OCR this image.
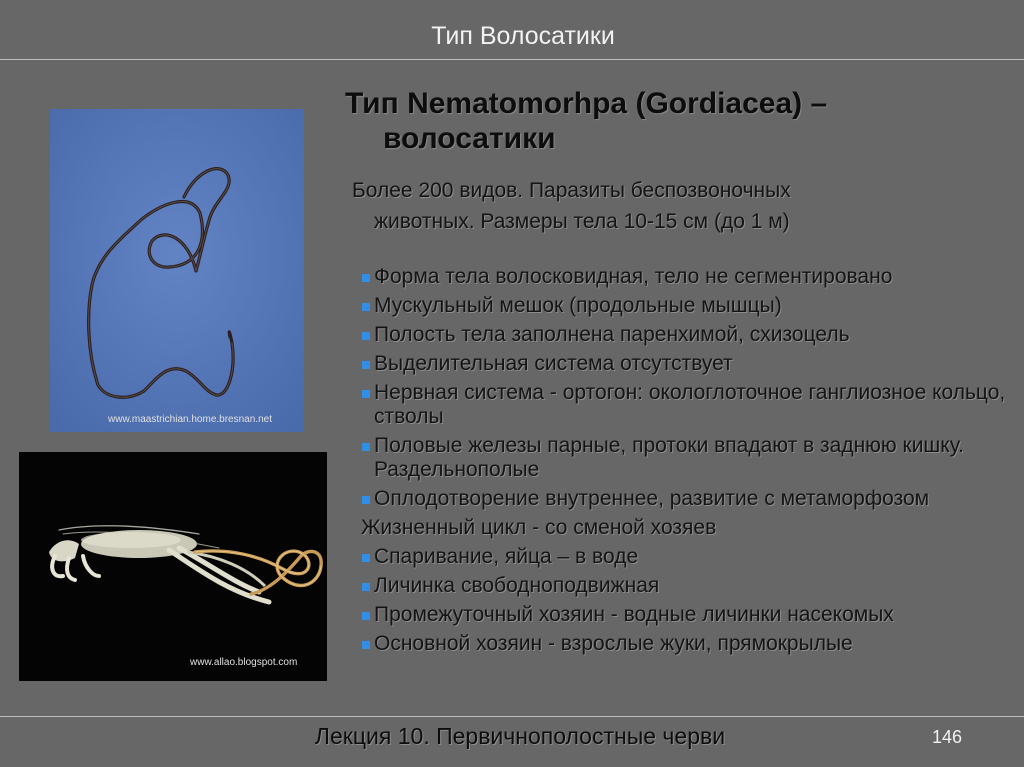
Тип Волосатики
www.maastrichian.home.bresnan.net
www.allao.blogspot.com
Тип Nematomorhpa (Gordiacea) –
волосатики
Более 200 видов. Паразиты беспозвоночных
животных. Размеры тела 10-15 см (до 1 м)
Форма тела волосковидная, тело не сегментировано
Мускульный мешок (продольные мышцы)
Полость тела заполнена паренхимой, схизоцель
Выделительная система отсутствует
Нервная система - ортогон: окологлоточное ганглиозное кольцо, стволы
Половые железы парные, протоки впадают в заднюю кишку. Раздельнополые
Оплодотворение внутреннее, развитие с метаморфозом
Жизненный цикл - со сменой хозяев
Спаривание, яйца – в воде
Личинка свободноподвижная
Промежуточный хозяин - водные личинки насекомых
Основной хозяин - взрослые жуки, прямокрылые
Лекция 10. Первичнополостные черви	146
